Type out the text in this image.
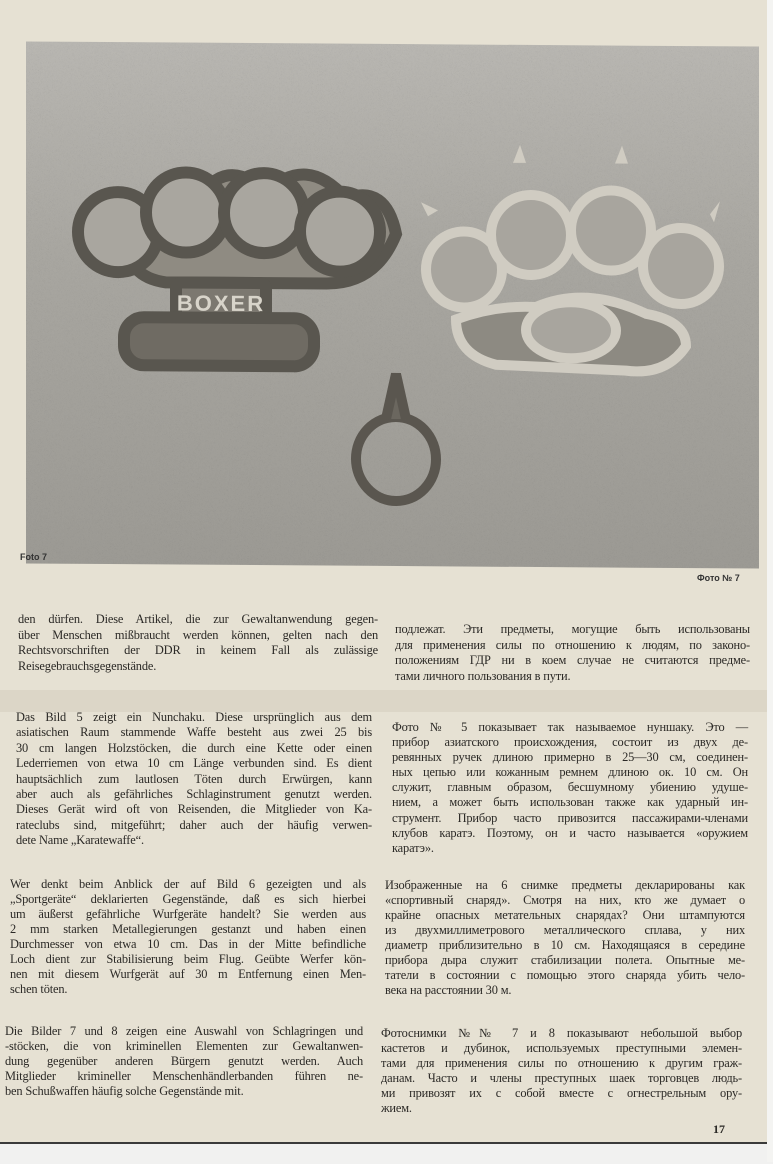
BOXER
Foto 7
Фото № 7
den dürfen. Diese Artikel, die zur Gewaltanwendung gegen-
über Menschen mißbraucht werden können, gelten nach den
Rechtsvorschriften der DDR in keinem Fall als zulässige
Reisegebrauchsgegenstände.
подлежат. Эти предметы, могущие быть использованы
для применения силы по отношению к людям, по законо-
положениям ГДР ни в коем случае не считаются предме-
тами личного пользования в пути.
Das Bild 5 zeigt ein Nunchaku. Diese ursprünglich aus dem
asiatischen Raum stammende Waffe besteht aus zwei 25 bis
30 cm langen Holzstöcken, die durch eine Kette oder einen
Lederriemen von etwa 10 cm Länge verbunden sind. Es dient
hauptsächlich zum lautlosen Töten durch Erwürgen, kann
aber auch als gefährliches Schlaginstrument genutzt werden.
Dieses Gerät wird oft von Reisenden, die Mitglieder von Ka-
rateclubs sind, mitgeführt; daher auch der häufig verwen-
dete Name „Karatewaffe“.
Фото № 5 показывает так называемое нуншаку. Это —
прибор азиатского происхождения, состоит из двух де-
ревянных ручек длиною примерно в 25—30 см, соединен-
ных цепью или кожанным ремнем длиною ок. 10 см. Он
служит, главным образом, бесшумному убиению удуше-
нием, а может быть использован также как ударный ин-
струмент. Прибор часто привозится пассажирами-членами
клубов каратэ. Поэтому, он и часто называется «оружием
каратэ».
Wer denkt beim Anblick der auf Bild 6 gezeigten und als
„Sportgeräte“ deklarierten Gegenstände, daß es sich hierbei
um äußerst gefährliche Wurfgeräte handelt? Sie werden aus
2 mm starken Metallegierungen gestanzt und haben einen
Durchmesser von etwa 10 cm. Das in der Mitte befindliche
Loch dient zur Stabilisierung beim Flug. Geübte Werfer kön-
nen mit diesem Wurfgerät auf 30 m Entfernung einen Men-
schen töten.
Изображенные на 6 снимке предметы декларированы как
«спортивный снаряд». Смотря на них, кто же думает о
крайне опасных метательных снарядах? Они штампуются
из двухмиллиметрового металлического сплава, у них
диаметр приблизительно в 10 см. Находящаяся в середине
прибора дыра служит стабилизации полета. Опытные ме-
татели в состоянии с помощью этого снаряда убить чело-
века на расстоянии 30 м.
Die Bilder 7 und 8 zeigen eine Auswahl von Schlagringen und
-stöcken, die von kriminellen Elementen zur Gewaltanwen-
dung gegenüber anderen Bürgern genutzt werden. Auch
Mitglieder krimineller Menschenhändlerbanden führen ne-
ben Schußwaffen häufig solche Gegenstände mit.
Фотоснимки №№ 7 и 8 показывают небольшой выбор
кастетов и дубинок, используемых преступными элемен-
тами для применения силы по отношению к другим граж-
данам. Часто и члены преступных шаек торговцев людь-
ми привозят их с собой вместе с огнестрельным ору-
жием.
17
